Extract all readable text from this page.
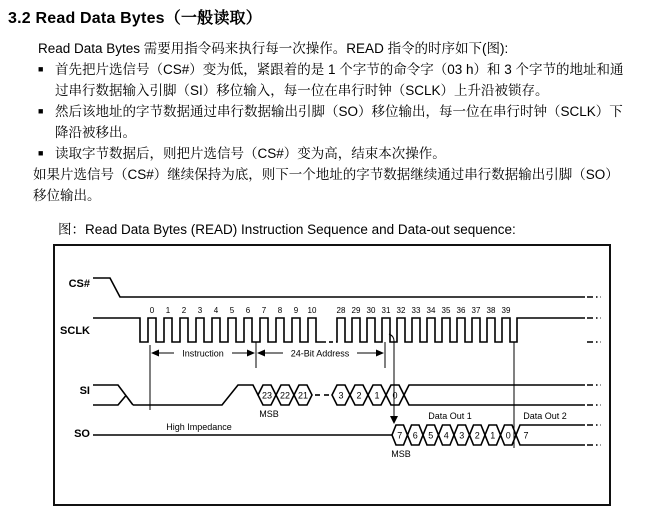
3.2 Read Data Bytes（一般读取）
Read Data Bytes 需要用指令码来执行每一次操作。READ 指令的时序如下(图):
■ 首先把片选信号（CS#）变为低，紧跟着的是 1 个字节的命令字（03 h）和 3 个字节的地址和通过串行数据输入引脚（SI）移位输入，每一位在串行时钟（SCLK）上升沿被锁存。
■ 然后该地址的字节数据通过串行数据输出引脚（SO）移位输出，每一位在串行时钟（SCLK）下降沿被移出。
■ 读取字节数据后，则把片选信号（CS#）变为高，结束本次操作。
如果片选信号（CS#）继续保持为底，则下一个地址的字节数据继续通过串行数据输出引脚（SO）移位输出。
图：Read Data Bytes (READ) Instruction Sequence and Data-out sequence:
CS#
SCLK
SI
SO
0 1 2 3 4 5 6 7 8 9 10	28 29 30 31 32 33 34 35 36 37 38 39
Instruction	24-Bit Address
23 22 21	3 2 1 0
MSB
7 6 5 4 3 2 1 0 7
High Impedance
Data Out 1	Data Out 2
MSB
